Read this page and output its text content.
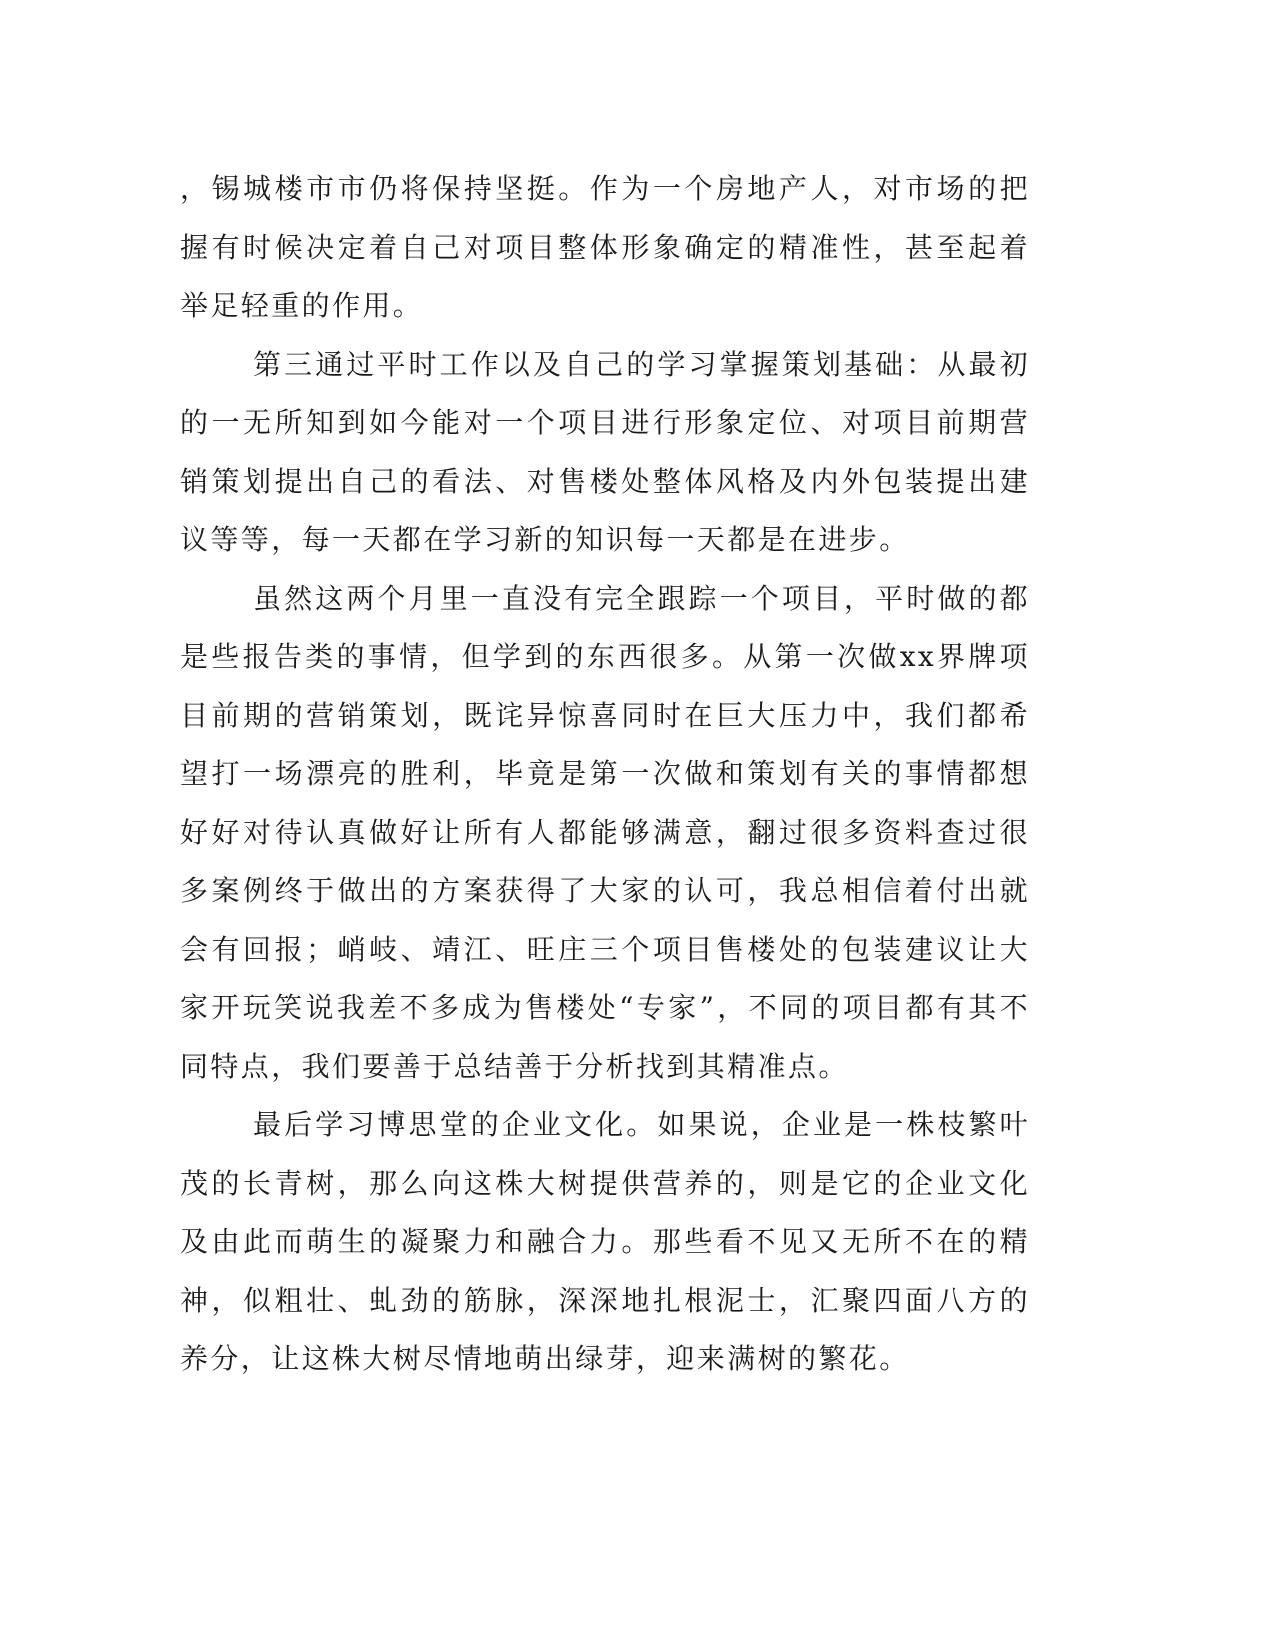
，锡城楼市市仍将保持坚挺。作为一个房地产人，对市场的把握有时候决定着自己对项目整体形象确定的精准性，甚至起着举足轻重的作用。

第三通过平时工作以及自己的学习掌握策划基础：从最初的一无所知到如今能对一个项目进行形象定位、对项目前期营销策划提出自己的看法、对售楼处整体风格及内外包装提出建议等等，每一天都在学习新的知识每一天都是在进步。

虽然这两个月里一直没有完全跟踪一个项目，平时做的都是些报告类的事情，但学到的东西很多。从第一次做xx界牌项目前期的营销策划，既诧异惊喜同时在巨大压力中，我们都希望打一场漂亮的胜利，毕竟是第一次做和策划有关的事情都想好好对待认真做好让所有人都能够满意，翻过很多资料查过很多案例终于做出的方案获得了大家的认可，我总相信着付出就会有回报；峭岐、靖江、旺庄三个项目售楼处的包装建议让大家开玩笑说我差不多成为售楼处“专家”，不同的项目都有其不同特点，我们要善于总结善于分析找到其精准点。

最后学习博思堂的企业文化。如果说，企业是一株枝繁叶茂的长青树，那么向这株大树提供营养的，则是它的企业文化及由此而萌生的凝聚力和融合力。那些看不见又无所不在的精神，似粗壮、虬劲的筋脉，深深地扎根泥士，汇聚四面八方的养分，让这株大树尽情地萌出绿芽，迎来满树的繁花。
